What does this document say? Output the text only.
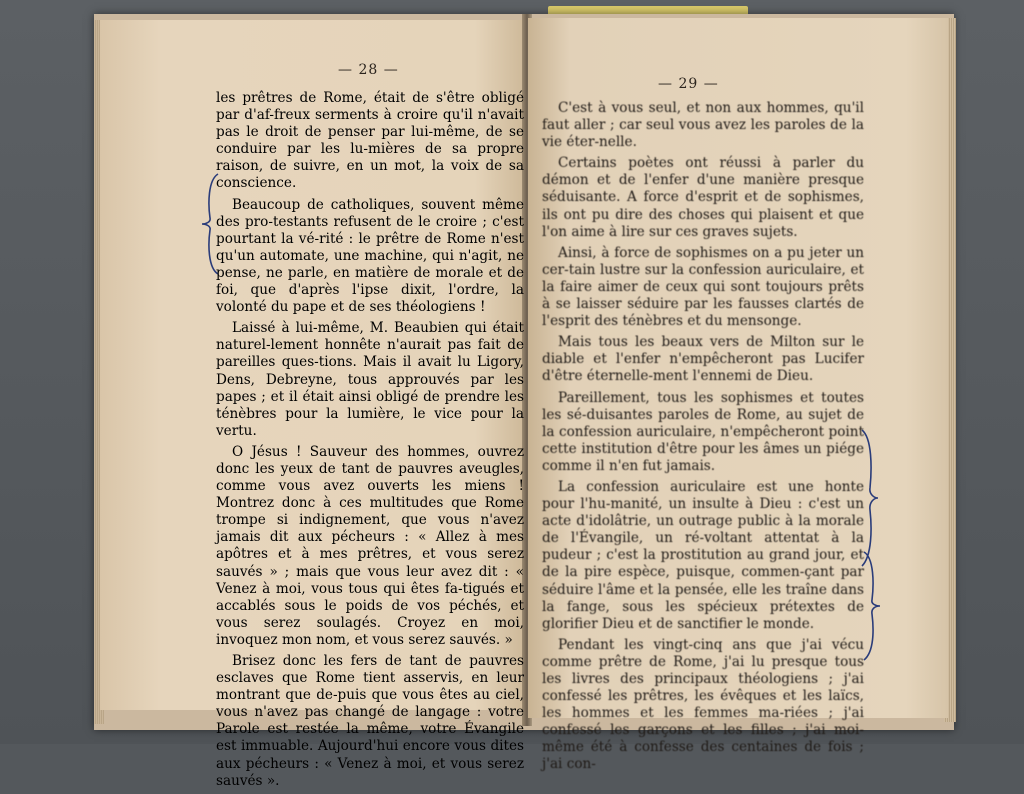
— 29 —

C'est à vous seul, et non aux hommes, qu'il faut aller ; car seul vous avez les paroles de la vie éter-nelle.

Certains poètes ont réussi à parler du démon et de l'enfer d'une manière presque séduisante. A force d'esprit et de sophismes, ils ont pu dire des choses qui plaisent et que l'on aime à lire sur ces graves sujets.

Ainsi, à force de sophismes on a pu jeter un cer-tain lustre sur la confession auriculaire, et la faire aimer de ceux qui sont toujours prêts à se laisser séduire par les fausses clartés de l'esprit des ténèbres et du mensonge.

Mais tous les beaux vers de Milton sur le diable et l'enfer n'empêcheront pas Lucifer d'être éternelle-ment l'ennemi de Dieu.

Pareillement, tous les sophismes et toutes les sé-duisantes paroles de Rome, au sujet de la confession auriculaire, n'empêcheront point cette institution d'être pour les âmes un piége comme il n'en fut jamais.

La confession auriculaire est une honte pour l'hu-manité, un insulte à Dieu : c'est un acte d'idolâtrie, un outrage public à la morale de l'Évangile, un ré-voltant attentat à la pudeur ; c'est la prostitution au grand jour, et de la pire espèce, puisque, commen-çant par séduire l'âme et la pensée, elle les traîne dans la fange, sous les spécieux prétextes de glorifier Dieu et de sanctifier le monde.

Pendant les vingt-cinq ans que j'ai vécu comme prêtre de Rome, j'ai lu presque tous les livres des principaux théologiens ; j'ai confessé les prêtres, les évêques et les laïcs, les hommes et les femmes ma-riées ; j'ai confessé les garçons et les filles ; j'ai moi-même été à confesse des centaines de fois ; j'ai con-

— 28 —

les prêtres de Rome, était de s'être obligé par d'af-freux serments à croire qu'il n'avait pas le droit de penser par lui-même, de se conduire par les lu-mières de sa propre raison, de suivre, en un mot, la voix de sa conscience.

Beaucoup de catholiques, souvent même des pro-testants refusent de le croire ; c'est pourtant la vé-rité : le prêtre de Rome n'est qu'un automate, une machine, qui n'agit, ne pense, ne parle, en matière de morale et de foi, que d'après l'ipse dixit, l'ordre, la volonté du pape et de ses théologiens !

Laissé à lui-même, M. Beaubien qui était naturel-lement honnête n'aurait pas fait de pareilles ques-tions. Mais il avait lu Ligory, Dens, Debreyne, tous approuvés par les papes ; et il était ainsi obligé de prendre les ténèbres pour la lumière, le vice pour la vertu.

O Jésus ! Sauveur des hommes, ouvrez donc les yeux de tant de pauvres aveugles, comme vous avez ouverts les miens ! Montrez donc à ces multitudes que Rome trompe si indignement, que vous n'avez jamais dit aux pécheurs : « Allez à mes apôtres et à mes prêtres, et vous serez sauvés » ; mais que vous leur avez dit : « Venez à moi, vous tous qui êtes fa-tigués et accablés sous le poids de vos péchés, et vous serez soulagés. Croyez en moi, invoquez mon nom, et vous serez sauvés. »

Brisez donc les fers de tant de pauvres esclaves que Rome tient asservis, en leur montrant que de-puis que vous êtes au ciel, vous n'avez pas changé de langage : votre Parole est restée la même, votre Évangile est immuable. Aujourd'hui encore vous dites aux pécheurs : « Venez à moi, et vous serez sauvés ».
